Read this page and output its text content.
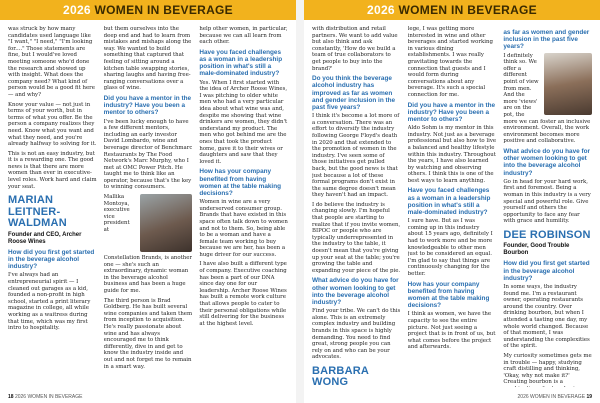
2026 WOMEN IN BEVERAGE

was struck by how many candidates used language like "I want," "I need," "I'm looking for...." Those statements are fine, but I would've loved meeting someone who'd done the research and showed up with insight. What does the company need? What kind of person would be a good fit here — and why?

Know your value — not just in terms of your worth, but in terms of what you offer. Be the person a company realizes they need. Know what you want and what they need, and you're already halfway to solving for it.

This is not an easy industry, but it is a rewarding one. The good news is that there are more women than ever in executive-level roles. Work hard and claim your seat.

MARIAN LEITNER-WALDMAN
Founder and CEO, Archer Roose Wines
How did you first get started in the beverage alcohol industry?

I've always had an entrepreneurial spirit — I cleaned out garages as a kid, founded a non-profit in high school, started a print literary magazine in college, all while working as a waitress during that time, which was my first intro to hospitality.

but them ourselves into the deep end and had to learn from mistakes and mishaps along the way. We wanted to build something that captured that feeling of sitting around a kitchen table swapping stories, sharing laughs and having free-ranging conversations over a glass of wine.

Did you have a mentor in the industry? Have you been a mentor to others?

I've been lucky enough to have a few different mentors, including an early investor David Lombardo, wine and beverage director of Benchmarc Restaurants by The Food Network's Marc Murphy, who I met at OMC Power Pitch. He taught me to think like an operator, because that's the key to winning consumers.

Mallika Montoya, executive vice president at Constellation Brands, is another one — she's such an extraordinary, dynamic woman in the beverage alcohol business and has been a huge guide for me.

The third person is Brad Goldberg. He has built several wine companies and taken them from inception to acquisition. He's really passionate about wine and has always encouraged me to think differently, dive in and get to know the industry inside and out and not forget me to remain in a smart way.

help other women, in particular, because we can all learn from each other.

Have you faced challenges as a woman in a leadership position in what's still a male-dominated industry?

Yes. When I first started with the idea of Archer Roose Wines, I was pitching to older white men who had a very particular idea about what wine was and, despite me showing that wine drinkers are women, they didn't understand my product. The men who got behind me are the ones that took the product home, gave it to their wives or daughters and saw that they loved it.

How has your company benefited from having women at the table making decisions?

Women in wine are a very underserved consumer group. Brands that have existed in this space often talk down to women and not to them. So, being able to be a woman and have a female team working to buy because we are her, has been a huge driver for our success.

I have also built a different type of company. Executive coaching has been a part of our DNA since day one for our leadership. Archer Roose Wines has built a remote work culture that allows people to cater to their personal obligations while still delivering for the business at the highest level.

18 2026 WOMEN IN BEVERAGE
2026 WOMEN IN BEVERAGE

with distribution and retail partners. We want to add value but also think and ask constantly, 'How do we build a team of true collaborators to get people to buy into the brand?'

Do you think the beverage alcohol industry has improved as far as women and gender inclusion in the past five years?

I think it's become a lot more of a conversation. There was an effort to diversify the industry following George Floyd's death in 2020 and that extended to the promotion of women in the industry. I've seen some of those initiatives get pulled back, but the good news is that just because a lot of these formal programs don't exist in the same degree doesn't mean they haven't had an impact.

I do believe the industry is changing slowly. I'm hopeful that people are starting to realize that if you invite women, BIPOC or people who are typically underrepresented in the industry to the table, it doesn't mean that you're giving up your seat at the table; you're growing the table and expanding your piece of the pie.

What advice do you have for other women looking to get into the beverage alcohol industry?

Find your tribe. We can't do this alone. This is an extremely complex industry and building brands in this space is highly demanding. You need to find great, strong people you can rely on and who can be your advocates.

BARBARA WONG

lege, I was getting more interested in wine and other beverages and started working in various dining establishments. I was really gravitating towards the connection that guests and I would form during conversations about any beverage. It's such a special connection for me.

Did you have a mentor in the industry? Have you been a mentor to others?

Aldo Sohm is my mentor in this industry. Not just as a beverage professional but also how to live a balanced and healthy lifestyle within this industry. Throughout the years, I have also learned by watching and observing others. I think this is one of the best ways to learn anything.

Have you faced challenges as a woman in a leadership position in what's still a male-dominated industry?

I sure have. But as I was coming up in this industry about 15 years ago, definitely I had to work more and be more knowledgeable to other men just to be considered an equal. I'm glad to say that things are continuously changing for the better.

How has your company benefited from having women at the table making decisions?

I think as women, we have the capacity to see the entire picture. Not just seeing a project that is in front of us, but what comes before the project and afterwards.

as far as women and gender inclusion in the past five years?

I definitely think so. We offer a different point of view from men. And the more 'views' are on the pot, the more we can foster an inclusive environment. Overall, the work environment becomes more positive and collaborative.

What advice do you have for other women looking to get into the beverage alcohol industry?

Go in head for your hard work, first and foremost. Being a woman in this industry is a very special and powerful role. Give yourself and others the opportunity to face any fear with grace and humility.

DEE ROBINSON
Founder, Good Trouble Bourbon
How did you first get started in the beverage alcohol industry?

In some ways, the industry found me. I'm a restaurant owner, operating restaurants around the country. Over drinking bourbon, but when I attended a tasting one day, my whole world changed. Because of that moment, I was understanding the complexities of the spirit.

My curiosity sometimes gets me in trouble — happy, studying craft distilling and thinking, 'Okay, why not make it?' Creating bourbon is a

2026 WOMEN IN BEVERAGE 19
